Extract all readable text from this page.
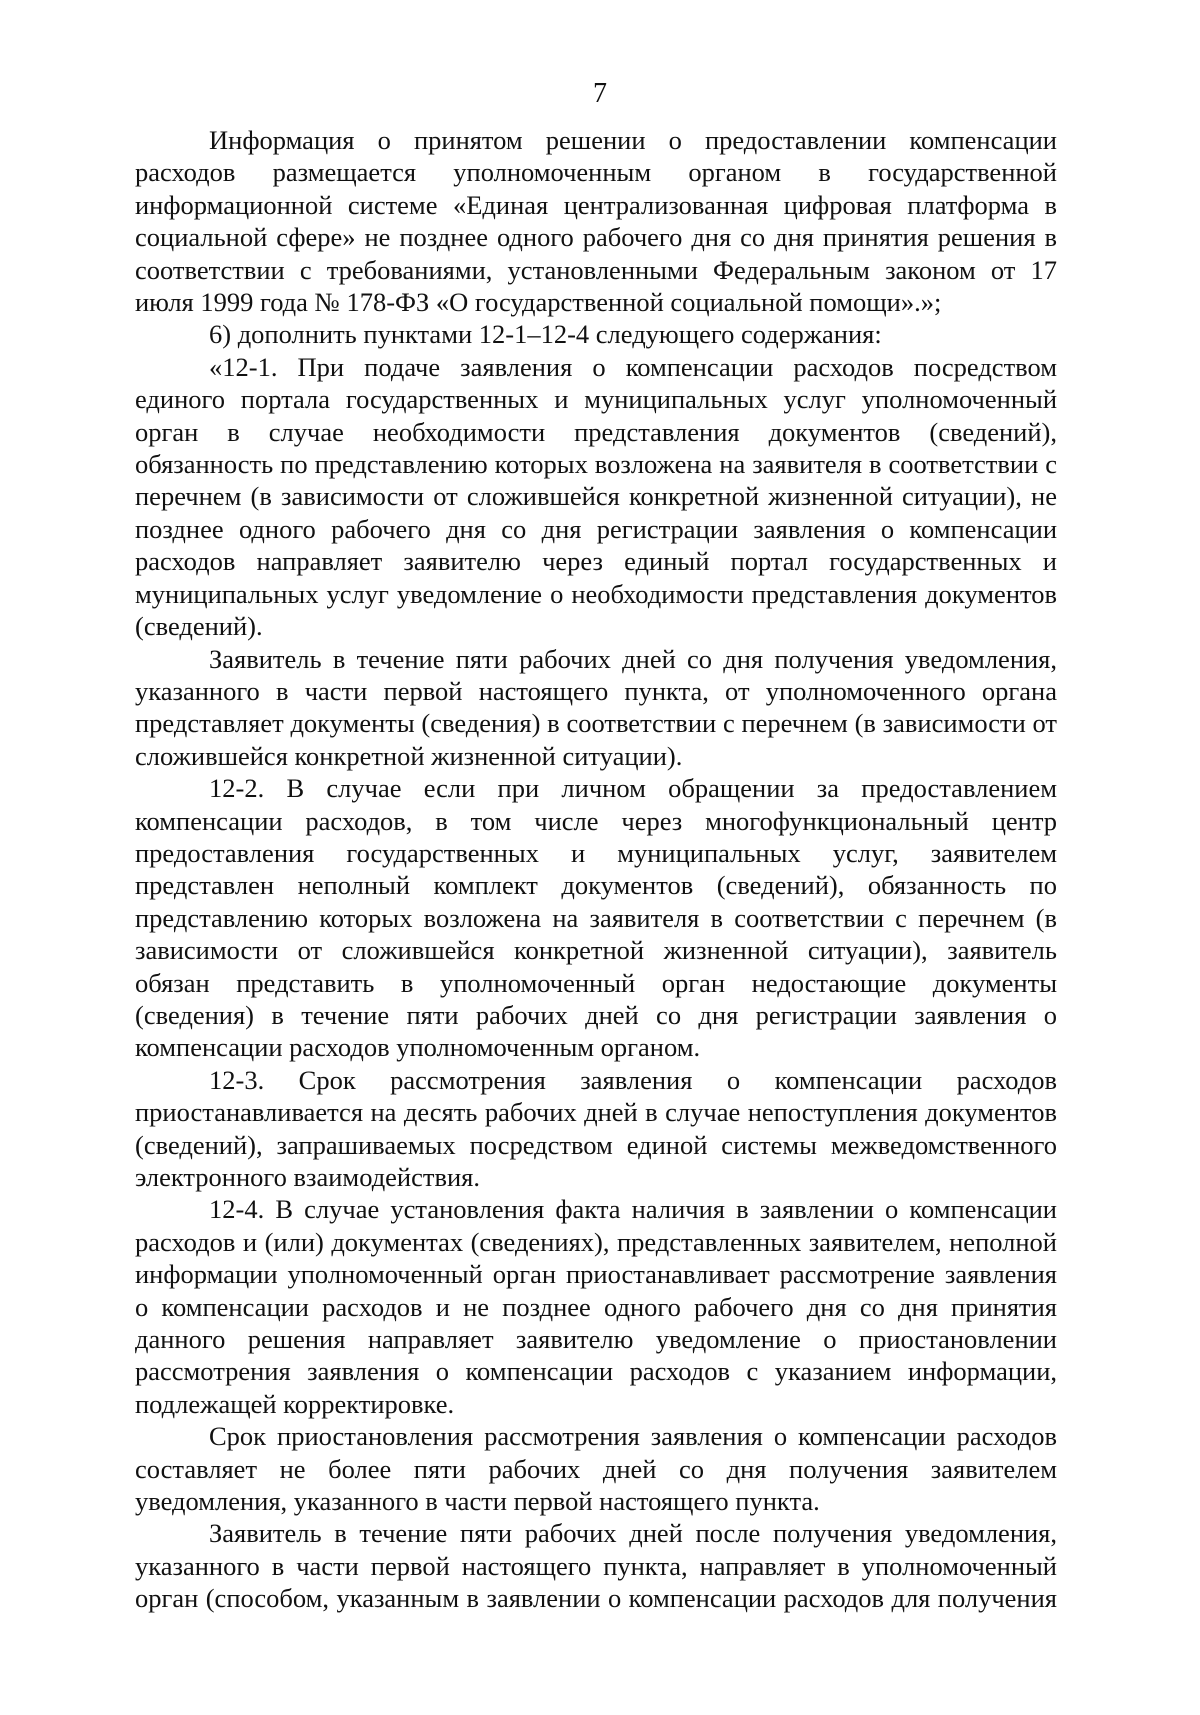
7

Информация о принятом решении о предоставлении компенсации расходов размещается уполномоченным органом в государственной информационной системе «Единая централизованная цифровая платформа в социальной сфере» не позднее одного рабочего дня со дня принятия решения в соответствии с требованиями, установленными Федеральным законом от 17 июля 1999 года № 178-ФЗ «О государственной социальной помощи».»;

6) дополнить пунктами 12-1–12-4 следующего содержания:

«12-1. При подаче заявления о компенсации расходов посредством единого портала государственных и муниципальных услуг уполномоченный орган в случае необходимости представления документов (сведений), обязанность по представлению которых возложена на заявителя в соответствии с перечнем (в зависимости от сложившейся конкретной жизненной ситуации), не позднее одного рабочего дня со дня регистрации заявления о компенсации расходов направляет заявителю через единый портал государственных и муниципальных услуг уведомление о необходимости представления документов (сведений).

Заявитель в течение пяти рабочих дней со дня получения уведомления, указанного в части первой настоящего пункта, от уполномоченного органа представляет документы (сведения) в соответствии с перечнем (в зависимости от сложившейся конкретной жизненной ситуации).

12-2. В случае если при личном обращении за предоставлением компенсации расходов, в том числе через многофункциональный центр предоставления государственных и муниципальных услуг, заявителем представлен неполный комплект документов (сведений), обязанность по представлению которых возложена на заявителя в соответствии с перечнем (в зависимости от сложившейся конкретной жизненной ситуации), заявитель обязан представить в уполномоченный орган недостающие документы (сведения) в течение пяти рабочих дней со дня регистрации заявления о компенсации расходов уполномоченным органом.

12-3. Срок рассмотрения заявления о компенсации расходов приостанавливается на десять рабочих дней в случае непоступления документов (сведений), запрашиваемых посредством единой системы межведомственного электронного взаимодействия.

12-4. В случае установления факта наличия в заявлении о компенсации расходов и (или) документах (сведениях), представленных заявителем, неполной информации уполномоченный орган приостанавливает рассмотрение заявления о компенсации расходов и не позднее одного рабочего дня со дня принятия данного решения направляет заявителю уведомление о приостановлении рассмотрения заявления о компенсации расходов с указанием информации, подлежащей корректировке.

Срок приостановления рассмотрения заявления о компенсации расходов составляет не более пяти рабочих дней со дня получения заявителем уведомления, указанного в части первой настоящего пункта.

Заявитель в течение пяти рабочих дней после получения уведомления, указанного в части первой настоящего пункта, направляет в уполномоченный орган (способом, указанным в заявлении о компенсации расходов для получения
